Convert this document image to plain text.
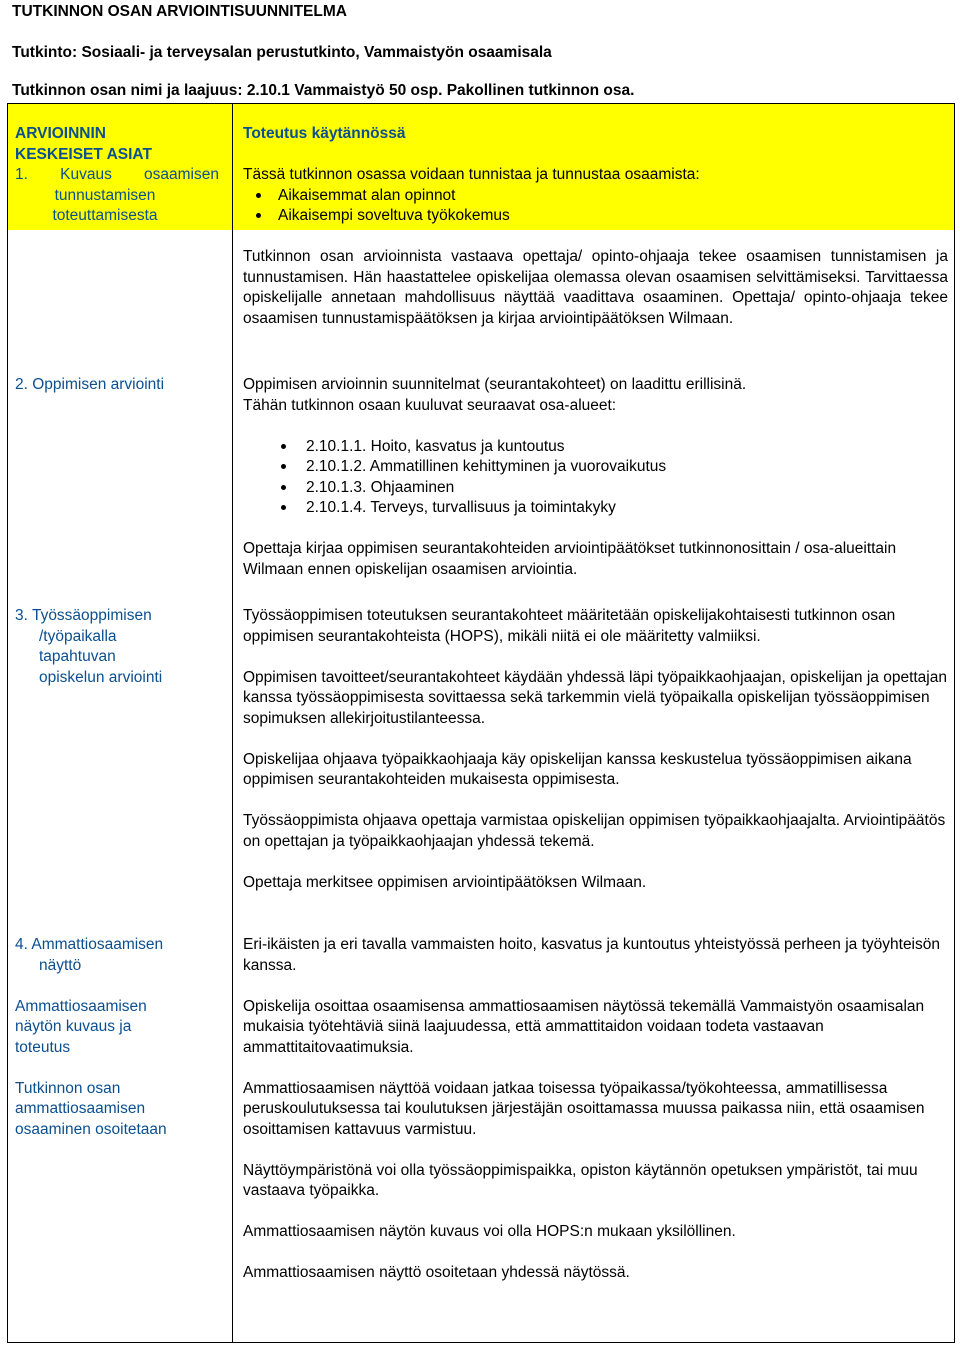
TUTKINNON OSAN ARVIOINTISUUNNITELMA

Tutkinto: Sosiaali- ja terveysalan perustutkinto, Vammaistyön osaamisala

Tutkinnon osan nimi ja laajuus: 2.10.1 Vammaistyö 50 osp. Pakollinen tutkinnon osa.

ARVIOINNIN
KESKEISET ASIAT
1. Kuvaus osaamisen
tunnustamisen
toteuttamisesta
2. Oppimisen arviointi
3. Työssäoppimisen
/työpaikalla
tapahtuvan
opiskelun arviointi
4. Ammattiosaamisen
näyttö
Ammattiosaamisen
näytön kuvaus ja
toteutus
Tutkinnon osan
ammattiosaamisen
osaaminen osoitetaan
Toteutus käytännössä

Tässä tutkinnon osassa voidaan tunnistaa ja tunnustaa osaamista:

Aikaisemmat alan opinnot
Aikaisempi soveltuva työkokemus

Tutkinnon osan arvioinnista vastaava opettaja/ opinto-ohjaaja tekee osaamisen tunnistamisen ja tunnustamisen. Hän haastattelee opiskelijaa olemassa olevan osaamisen selvittämiseksi. Tarvittaessa opiskelijalle annetaan mahdollisuus näyttää vaadittava osaaminen. Opettaja/ opinto-ohjaaja tekee osaamisen tunnustamispäätöksen ja kirjaa arviointipäätöksen Wilmaan.

Oppimisen arvioinnin suunnitelmat (seurantakohteet) on laadittu erillisinä.

Tähän tutkinnon osaan kuuluvat seuraavat osa-alueet:

2.10.1.1. Hoito, kasvatus ja kuntoutus
2.10.1.2. Ammatillinen kehittyminen ja vuorovaikutus
2.10.1.3. Ohjaaminen
2.10.1.4. Terveys, turvallisuus ja toimintakyky

Opettaja kirjaa oppimisen seurantakohteiden arviointipäätökset tutkinnonosittain / osa-alueittain Wilmaan ennen opiskelijan osaamisen arviointia.

Työssäoppimisen toteutuksen seurantakohteet määritetään opiskelijakohtaisesti tutkinnon osan oppimisen seurantakohteista (HOPS), mikäli niitä ei ole määritetty valmiiksi.

Oppimisen tavoitteet/seurantakohteet käydään yhdessä läpi työpaikkaohjaajan, opiskelijan ja opettajan kanssa työssäoppimisesta sovittaessa sekä tarkemmin vielä työpaikalla opiskelijan työssäoppimisen sopimuksen allekirjoitustilanteessa.

Opiskelijaa ohjaava työpaikkaohjaaja käy opiskelijan kanssa keskustelua työssäoppimisen aikana oppimisen seurantakohteiden mukaisesta oppimisesta.

Työssäoppimista ohjaava opettaja varmistaa opiskelijan oppimisen työpaikkaohjaajalta. Arviointipäätös on opettajan ja työpaikkaohjaajan yhdessä tekemä.

Opettaja merkitsee oppimisen arviointipäätöksen Wilmaan.

Eri-ikäisten ja eri tavalla vammaisten hoito, kasvatus ja kuntoutus yhteistyössä perheen ja työyhteisön kanssa.

Opiskelija osoittaa osaamisensa ammattiosaamisen näytössä tekemällä Vammaistyön osaamisalan mukaisia työtehtäviä siinä laajuudessa, että ammattitaidon voidaan todeta vastaavan ammattitaitovaatimuksia.

Ammattiosaamisen näyttöä voidaan jatkaa toisessa työpaikassa/työkohteessa, ammatillisessa peruskoulutuksessa tai koulutuksen järjestäjän osoittamassa muussa paikassa niin, että osaamisen osoittamisen kattavuus varmistuu.

Näyttöympäristönä voi olla työssäoppimispaikka, opiston käytännön opetuksen ympäristöt, tai muu vastaava työpaikka.

Ammattiosaamisen näytön kuvaus voi olla HOPS:n mukaan yksilöllinen.

Ammattiosaamisen näyttö osoitetaan yhdessä näytössä.
